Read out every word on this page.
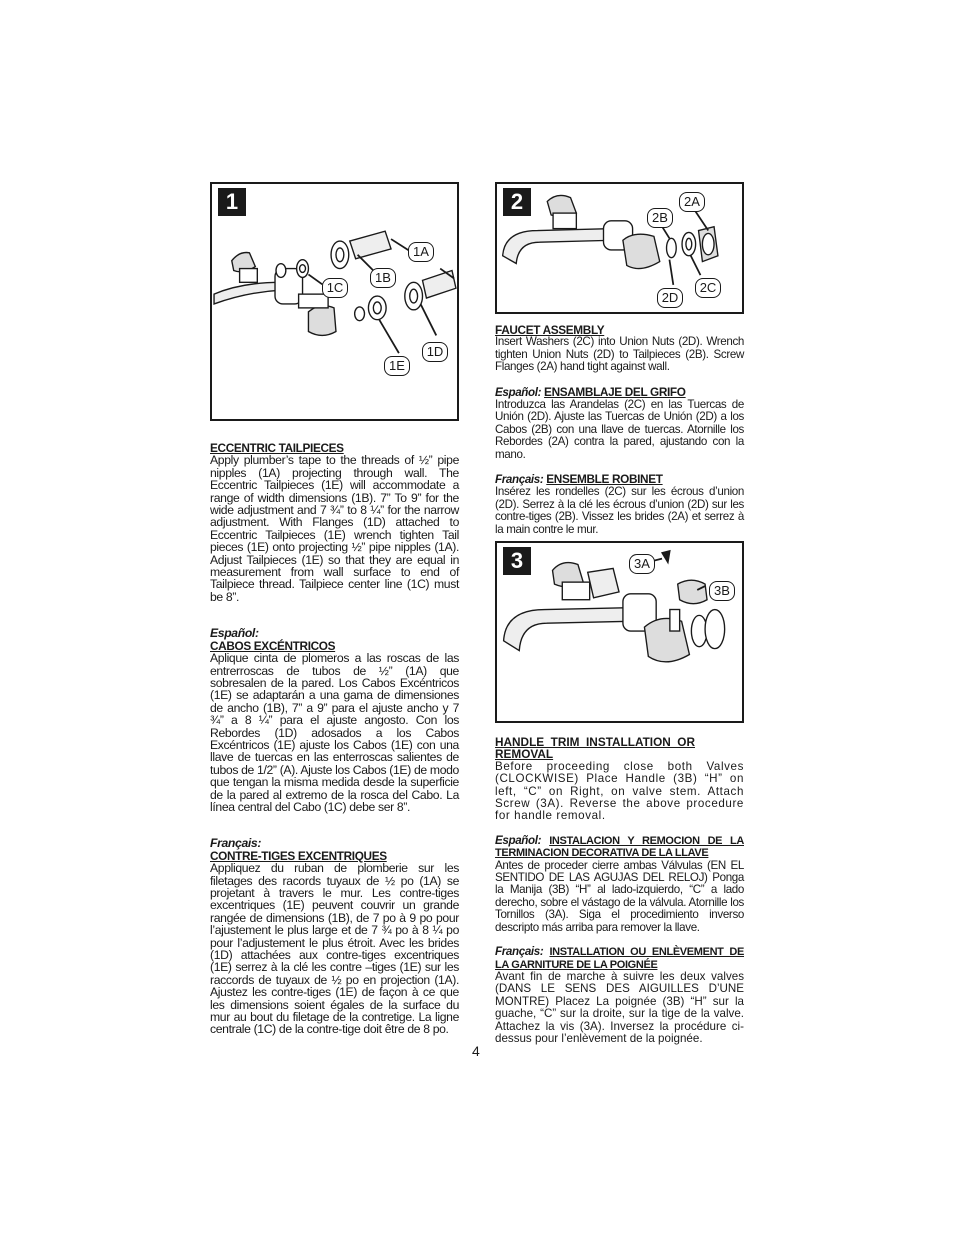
1
1A
1B
1C
1D
1E
2	2A
2B
2C
2D
FAUCET ASSEMBLY

Insert Washers (2C) into Union Nuts (2D). Wrench tighten Union Nuts (2D) to Tailpieces (2B). Screw Flanges (2A) hand tight against wall.

Español: ENSAMBLAJE DEL GRIFO

Introduzca las Arandelas (2C) en las Tuercas de Unión (2D). Ajuste las Tuercas de Unión (2D) a los Cabos (2B) con una llave de tuercas. Atornille los Rebordes (2A) contra la pared, ajustando con la mano.

Français: ENSEMBLE ROBINET

Insérez les rondelles (2C) sur les écrous d’union (2D). Serrez à la clé les écrous d’union (2D) sur les contre-tiges (2B). Vissez les brides (2A) et serrez à la main contre le mur.

3	3A
3B
HANDLE TRIM INSTALLATION OR REMOVAL

Before proceeding close both Valves (CLOCKWISE) Place Handle (3B) “H” on left, “C” on Right, on valve stem. Attach Screw (3A). Reverse the above procedure for handle removal.

Español: INSTALACION Y REMOCION DE LA TERMINACION DECORATIVA DE LA LLAVE

Antes de proceder cierre ambas Válvulas (EN EL SENTIDO DE LAS AGUJAS DEL RELOJ) Ponga la Manija (3B) “H” al lado-izquierdo, “C” a lado derecho, sobre el vástago de la válvula. Atornille los Tornillos (3A). Siga el procedimiento inverso descripto más arriba para remover la llave.

Français: INSTALLATION OU ENLÈVEMENT DE LA GARNITURE DE LA POIGNÉE

Avant fin de marche à suivre les deux valves (DANS LE SENS DES AIGUILLES D’UNE MONTRE) Placez La poignée (3B) “H” sur la guache, “C” sur la droite, sur la tige de la valve. Attachez la vis (3A). Inversez la procédure ci-dessus pour l’enlèvement de la poignée.

ECCENTRIC TAILPIECES

Apply plumber’s tape to the threads of ½” pipe nipples (1A) projecting through wall. The Eccentric Tailpieces (1E) will accommodate a range of width dimensions (1B). 7” To 9” for the wide adjustment and 7 ¾” to 8 ¼” for the narrow adjustment. With Flanges (1D) attached to Eccentric Tailpieces (1E) wrench tighten Tail pieces (1E) onto projecting ½” pipe nipples (1A). Adjust Tailpieces (1E) so that they are equal in measurement from wall surface to end of Tailpiece thread. Tailpiece center line (1C) must be 8”.

Español:
CABOS EXCÉNTRICOS

Aplique cinta de plomeros a las roscas de las entrerroscas de tubos de ½” (1A) que sobresalen de la pared. Los Cabos Excéntricos (1E) se adaptarán a una gama de dimensiones de ancho (1B), 7” a 9” para el ajuste ancho y 7 ¾” a 8 ¼” para el ajuste angosto. Con los Rebordes (1D) adosados a los Cabos Excéntricos (1E) ajuste los Cabos (1E) con una llave de tuercas en las enterroscas salientes de tubos de 1/2” (A). Ajuste los Cabos (1E) de modo que tengan la misma medida desde la superficie de la pared al extremo de la rosca del Cabo. La línea central del Cabo (1C) debe ser 8”.

Français:
CONTRE-TIGES EXCENTRIQUES

Appliquez du ruban de plomberie sur les filetages des racords tuyaux de ½ po (1A) se projetant à travers le mur. Les contre-tiges excentriques (1E) peuvent couvrir un grande rangée de dimensions (1B), de 7 po à 9 po pour l’ajustement le plus large et de 7 ¾ po à 8 ¼ po pour l’adjustement le plus étroit. Avec les brides (1D) attachées aux contre-tiges excentriques (1E) serrez à la clé les contre –tiges (1E) sur les raccords de tuyaux de ½ po en projection (1A). Ajustez les contre-tiges (1E) de façon à ce que les dimensions soient égales de la surface du mur au bout du filetage de la contretige. La ligne centrale (1C) de la contre-tige doit être de 8 po.

4
